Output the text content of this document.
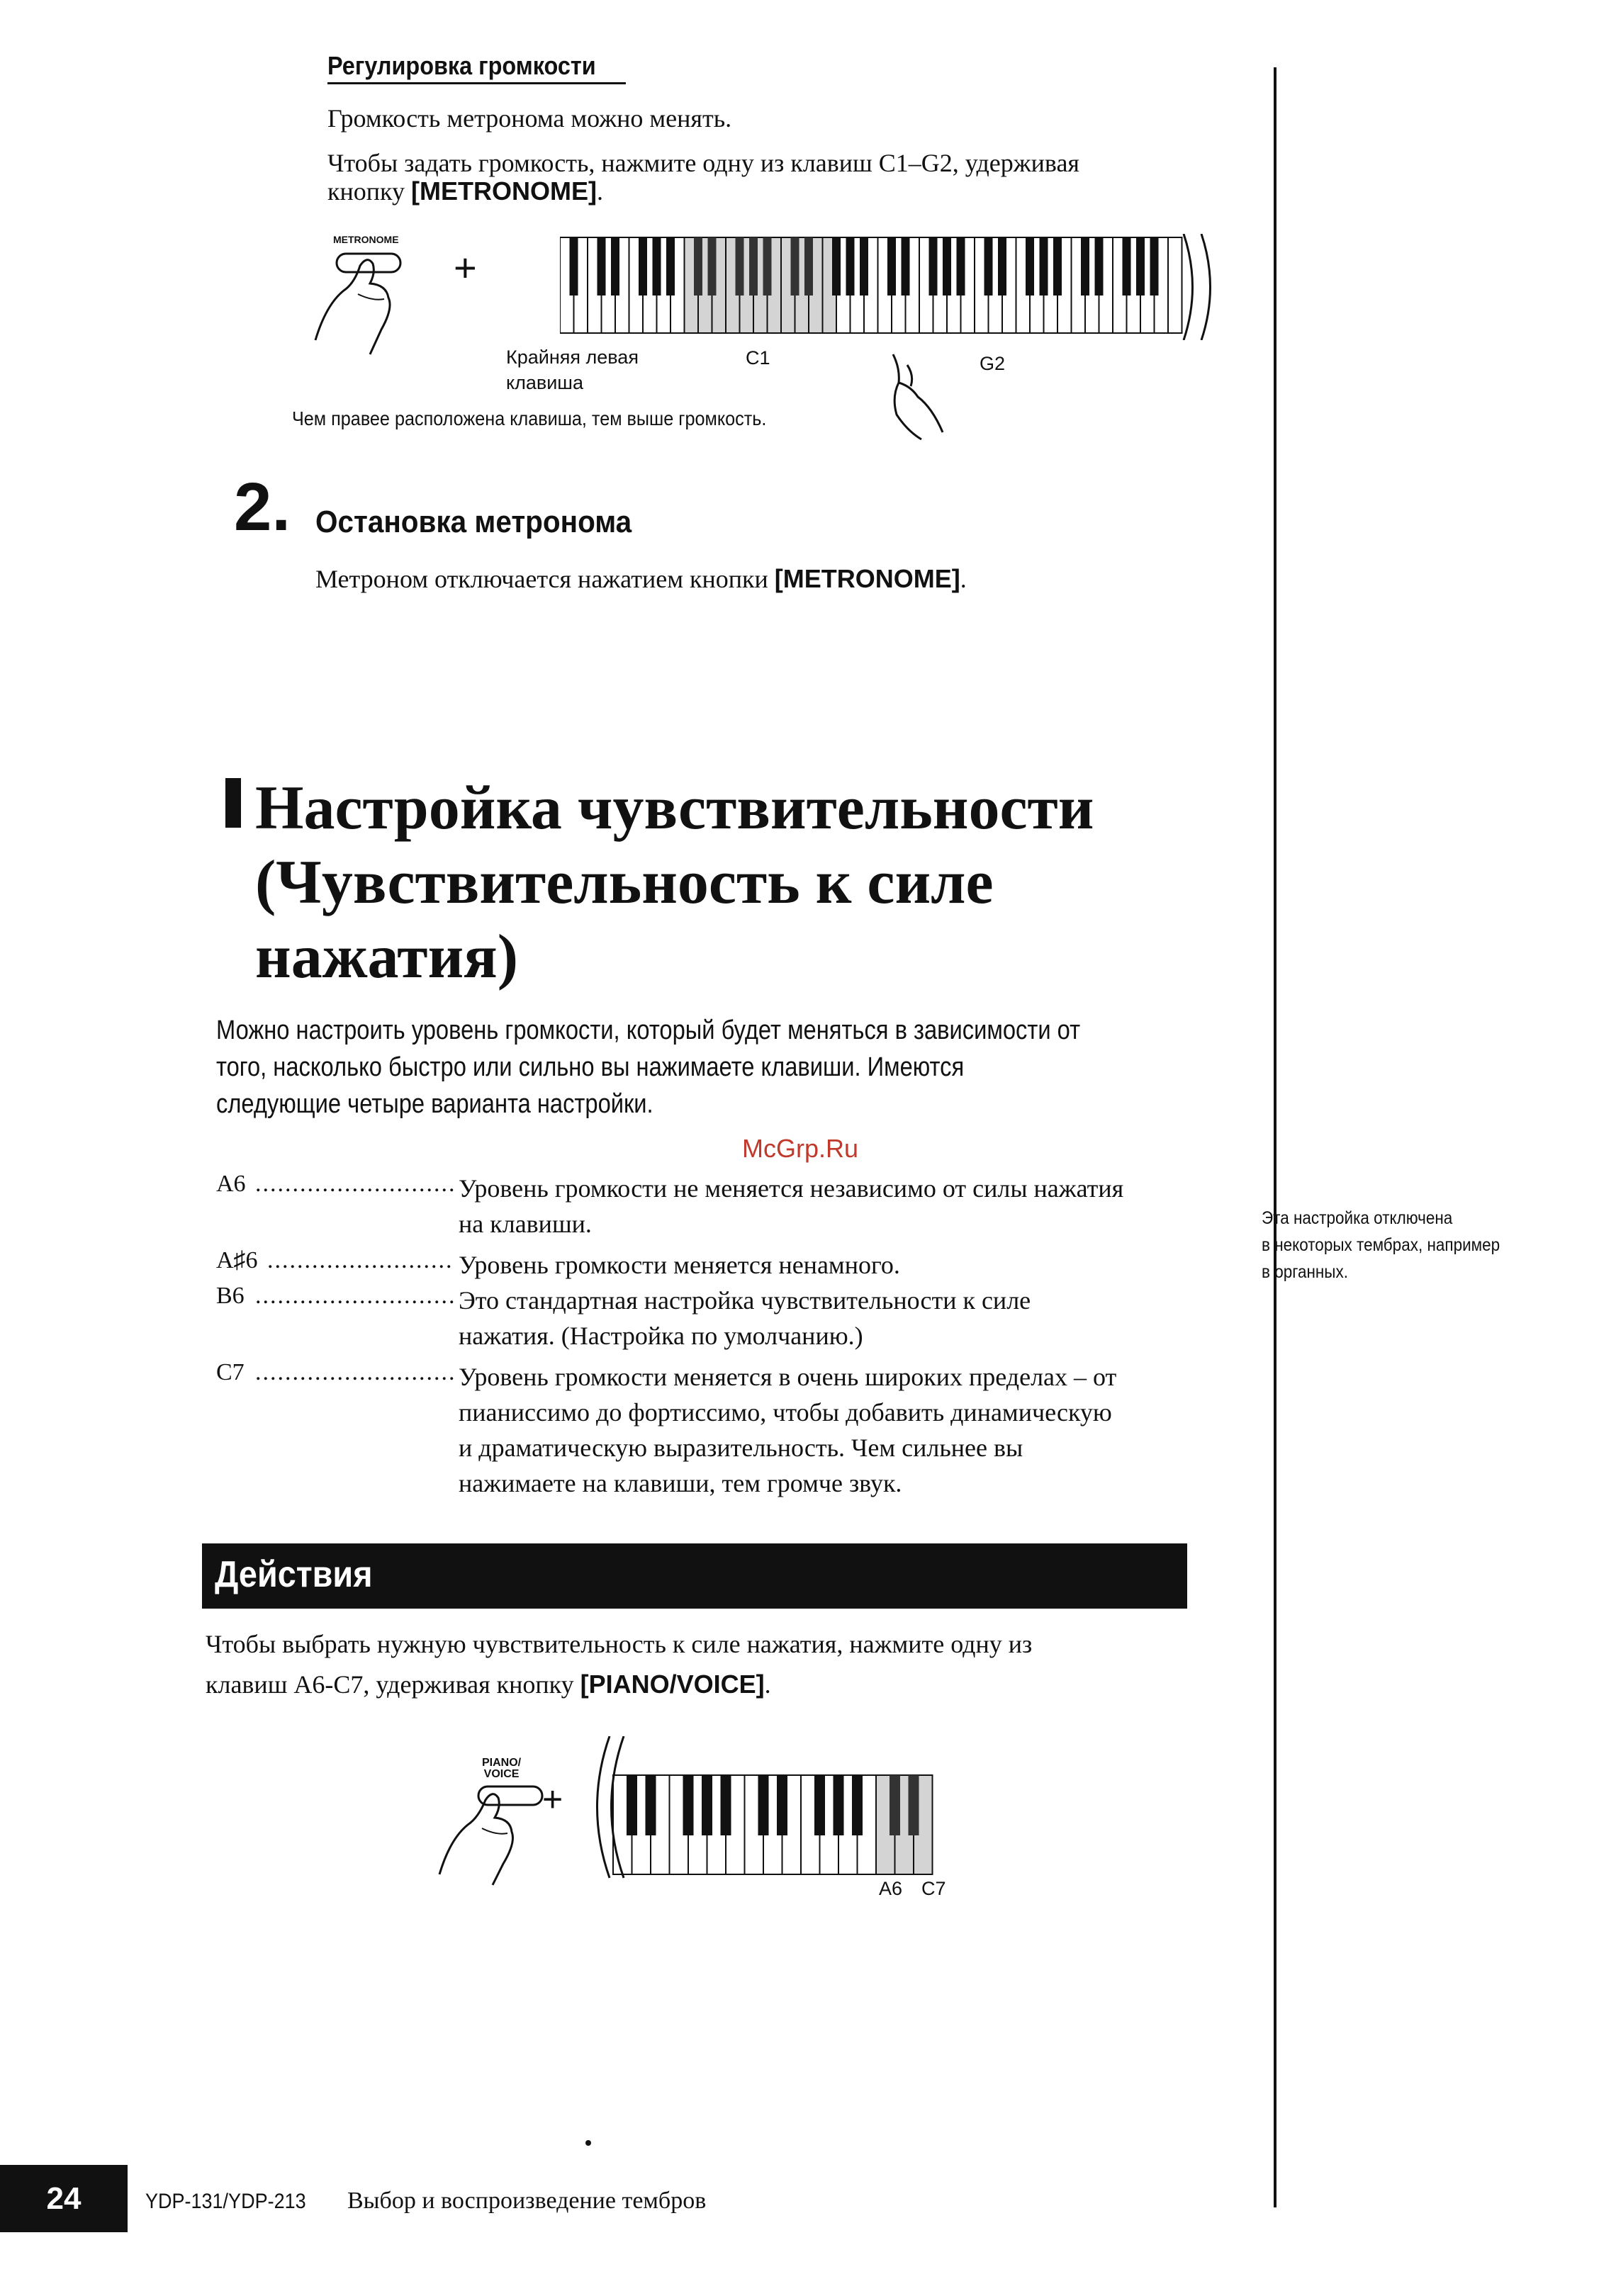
Регулировка громкости
Громкость метронома можно менять.
Чтобы задать громкость, нажмите одну из клавиш C1–G2, удерживая
кнопку [METRONOME].
METRONOME
+
Крайняя левая
клавиша
C1	G2
Чем правее расположена клавиша, тем выше громкость.
2. Остановка метронома
Метроном отключается нажатием кнопки [METRONOME].
Настройка чувствительности
(Чувствительность к силе
нажатия)
Можно настроить уровень громкости, который будет меняться в зависимости от
того, насколько быстро или сильно вы нажимаете клавиши. Имеются
следующие четыре варианта настройки.
McGrp.Ru
A6 ........................... Уровень громкости не меняется независимо от силы нажатия
на клавиши.
A♯6 ......................... Уровень громкости меняется ненамного.
B6 ........................... Это стандартная настройка чувствительности к силе
нажатия. (Настройка по умолчанию.)
C7 ........................... Уровень громкости меняется в очень широких пределах – от
пианиссимо до фортиссимо, чтобы добавить динамическую
и драматическую выразительность. Чем сильнее вы
нажимаете на клавиши, тем громче звук.
Эта настройка отключена
в некоторых тембрах, например
в органных.
Действия
Чтобы выбрать нужную чувствительность к силе нажатия, нажмите одну из
клавиш A6-C7, удерживая кнопку [PIANO/VOICE].
PIANO/
VOICE
+
A6 C7
24	YDP-131/YDP-213	Выбор и воспроизведение тембров
